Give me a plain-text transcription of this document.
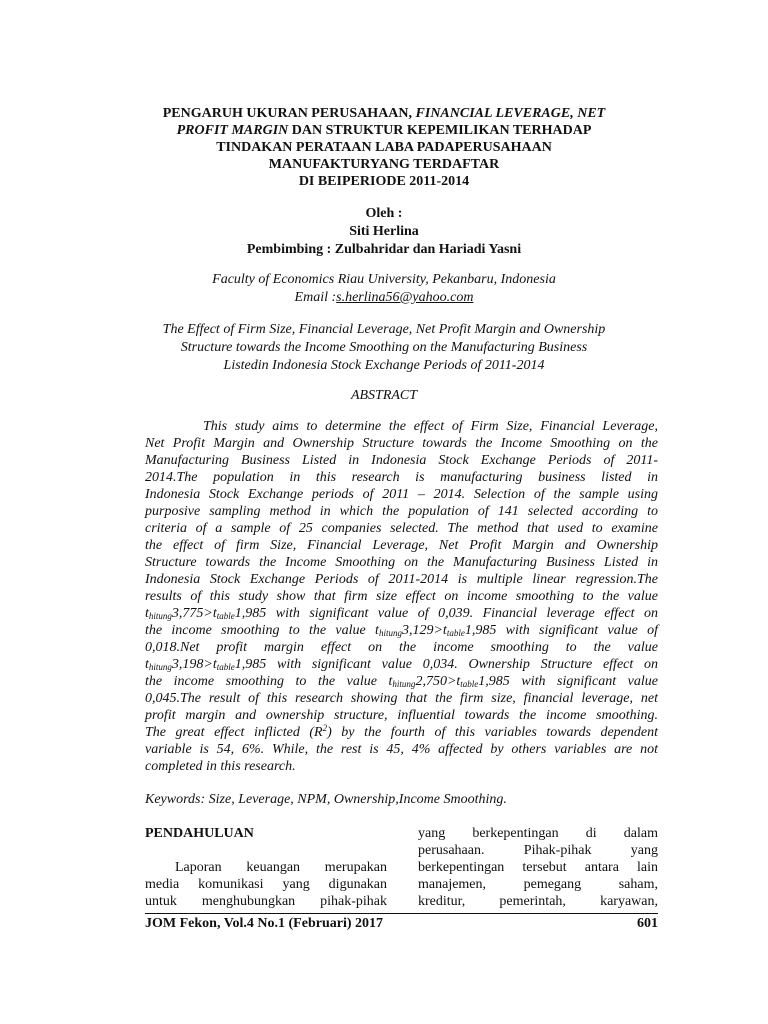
PENGARUH UKURAN PERUSAHAAN, FINANCIAL LEVERAGE, NET
PROFIT MARGIN DAN STRUKTUR KEPEMILIKAN TERHADAP
TINDAKAN PERATAAN LABA PADAPERUSAHAAN
MANUFAKTURYANG TERDAFTAR
DI BEIPERIODE 2011-2014
Oleh :
Siti Herlina
Pembimbing : Zulbahridar dan Hariadi Yasni
Faculty of Economics Riau University, Pekanbaru, Indonesia
Email :s.herlina56@yahoo.com
The Effect of Firm Size, Financial Leverage, Net Profit Margin and Ownership
Structure towards the Income Smoothing on the Manufacturing Business
Listedin Indonesia Stock Exchange Periods of 2011-2014
ABSTRACT
This study aims to determine the effect of Firm Size, Financial Leverage,
Net Profit Margin and Ownership Structure towards the Income Smoothing on the
Manufacturing Business Listed in Indonesia Stock Exchange Periods of 2011-
2014.The population in this research is manufacturing business listed in
Indonesia Stock Exchange periods of 2011 – 2014. Selection of the sample using
purposive sampling method in which the population of 141 selected according to
criteria of a sample of 25 companies selected. The method that used to examine
the effect of firm Size, Financial Leverage, Net Profit Margin and Ownership
Structure towards the Income Smoothing on the Manufacturing Business Listed in
Indonesia Stock Exchange Periods of 2011-2014 is multiple linear regression.The
results of this study show that firm size effect on income smoothing to the value
$t_{hitung}3,775>t_{table}1,985$ with significant value of 0,039. Financial leverage effect on
the income smoothing to the value $t_{hitung}3,129>t_{table}1,985$ with significant value of
0,018.Net profit margin effect on the income smoothing to the value
$t_{hitung}3,198>t_{table}1,985$ with significant value 0,034. Ownership Structure effect on
the income smoothing to the value $t_{hitung}2,750>t_{table}1,985$ with significant value
0,045.The result of this research showing that the firm size, financial leverage, net
profit margin and ownership structure, influential towards the income smoothing.
The great effect inflicted $(R^2)$ by the fourth of this variables towards dependent
variable is 54, 6%. While, the rest is 45, 4% affected by others variables are not
completed in this research.
Keywords: Size, Leverage, NPM, Ownership,Income Smoothing.
PENDAHULUAN
Laporan keuangan merupakan
media komunikasi yang digunakan
untuk menghubungkan pihak-pihak
yang berkepentingan di dalam
perusahaan. Pihak-pihak yang
berkepentingan tersebut antara lain
manajemen, pemegang saham,
kreditur, pemerintah, karyawan,
JOM Fekon, Vol.4 No.1 (Februari) 2017	601
